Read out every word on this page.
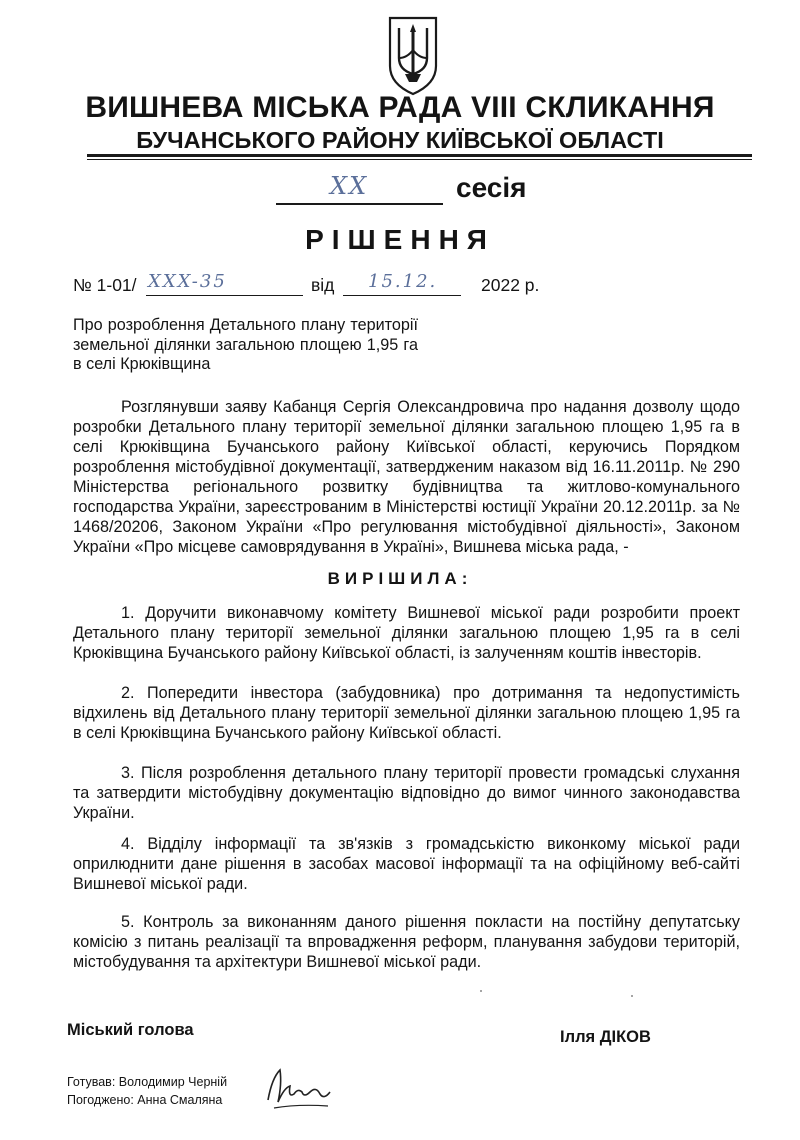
ВИШНЕВА МІСЬКА РАДА VIII СКЛИКАННЯ
БУЧАНСЬКОГО РАЙОНУ КИЇВСЬКОЇ ОБЛАСТІ
XX	сесія
РІШЕННЯ
№ 1-01/ XXX-35	від 15.12. 2022 р.
Про розроблення Детального плану території земельної ділянки загальною площею 1,95 га в селі Крюківщина
Розглянувши заяву Кабанця Сергія Олександровича про надання дозволу щодо розробки Детального плану території земельної ділянки загальною площею 1,95 га в селі Крюківщина Бучанського району Київської області, керуючись Порядком розроблення містобудівної документації, затвердженим наказом від 16.11.2011р. № 290 Міністерства регіонального розвитку будівництва та житлово-комунального господарства України, зареєстрованим в Міністерстві юстиції України 20.12.2011р. за № 1468/20206, Законом України «Про регулювання містобудівної діяльності», Законом України «Про місцеве самоврядування в Україні», Вишнева міська рада, -
ВИРІШИЛА:
1. Доручити виконавчому комітету Вишневої міської ради розробити проект Детального плану території земельної ділянки загальною площею 1,95 га в селі Крюківщина Бучанського району Київської області, із залученням коштів інвесторів.
2. Попередити інвестора (забудовника) про дотримання та недопустимість відхилень від Детального плану території земельної ділянки загальною площею 1,95 га в селі Крюківщина Бучанського району Київської області.
3. Після розроблення детального плану території провести громадські слухання та затвердити містобудівну документацію відповідно до вимог чинного законодавства України.
4. Відділу інформації та зв'язків з громадськістю виконкому міської ради оприлюднити дане рішення в засобах масової інформації та на офіційному веб-сайті Вишневої міської ради.
5. Контроль за виконанням даного рішення покласти на постійну депутатську комісію з питань реалізації та впровадження реформ, планування забудови територій, містобудування та архітектури Вишневої міської ради.
Міський голова	Ілля ДІКОВ
Готував: Володимир Черній
Погоджено: Анна Смаляна
